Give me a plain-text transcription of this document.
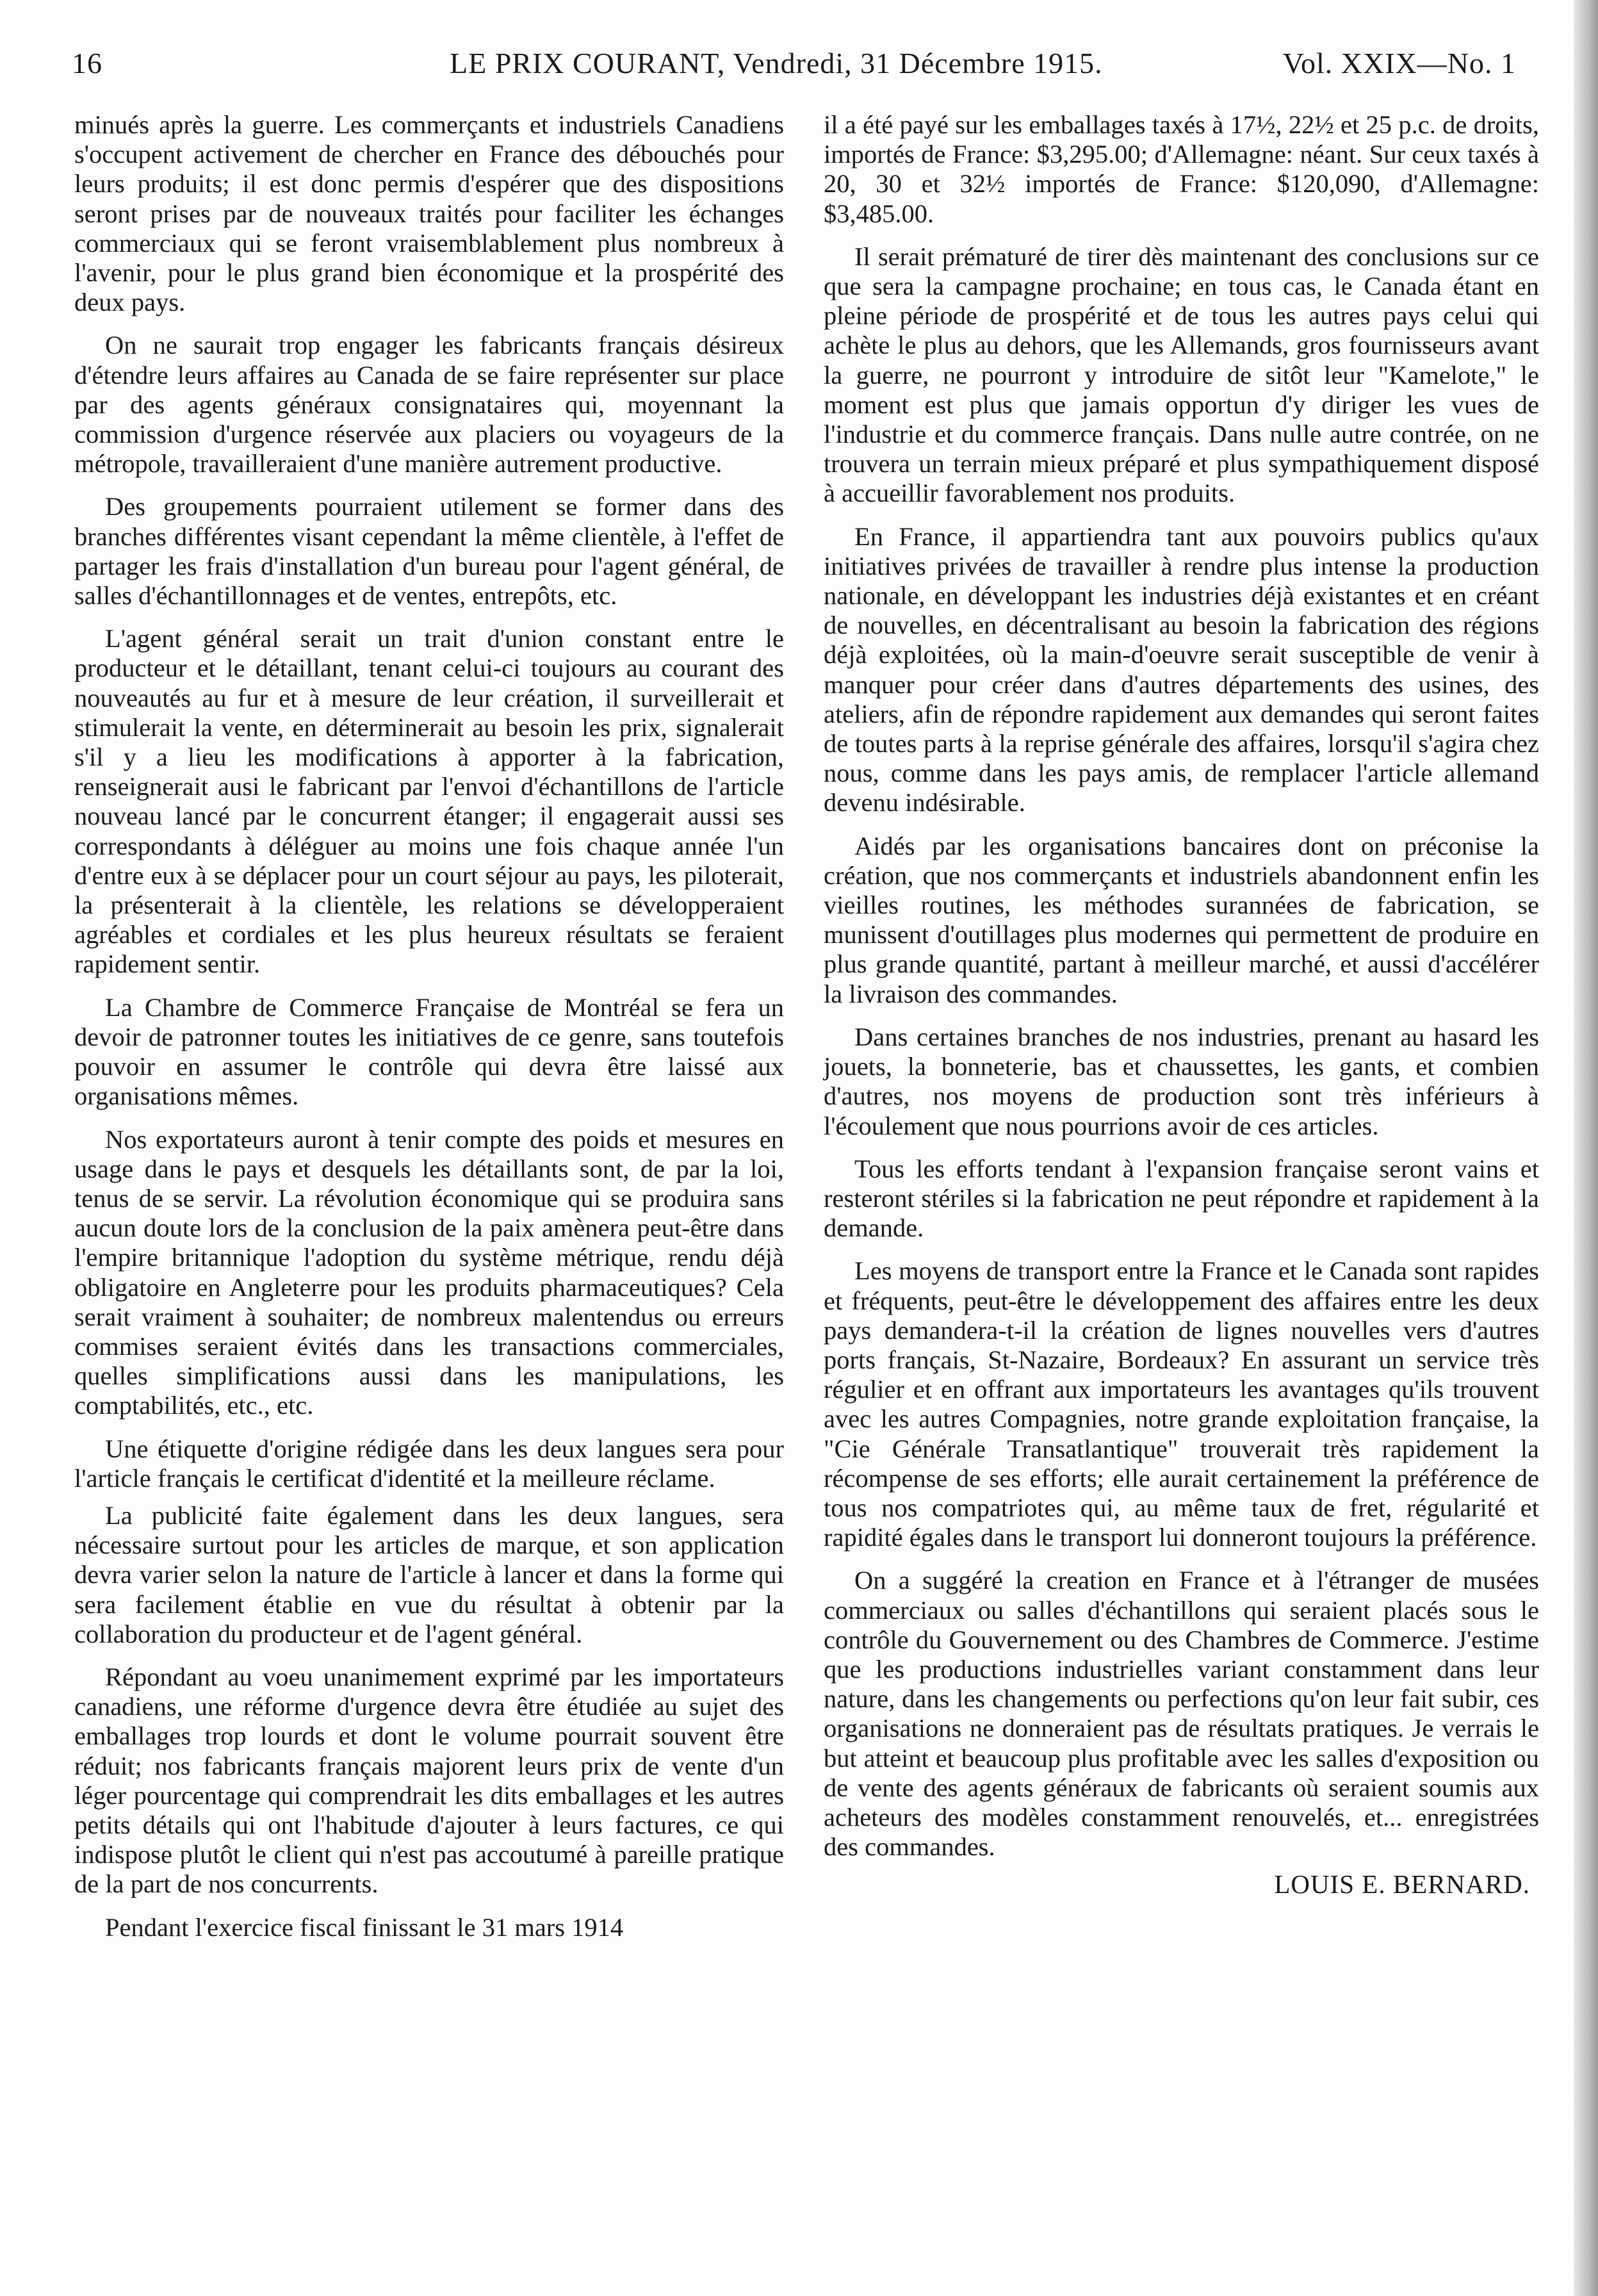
16	LE PRIX COURANT, Vendredi, 31 Décembre 1915.	Vol. XXIX—No. 1

minués après la guerre. Les commerçants et industriels Canadiens s'occupent activement de chercher en France des débouchés pour leurs produits; il est donc permis d'espérer que des dispositions seront prises par de nouveaux traités pour faciliter les échanges commerciaux qui se feront vraisemblablement plus nombreux à l'avenir, pour le plus grand bien économique et la prospérité des deux pays.

On ne saurait trop engager les fabricants français désireux d'étendre leurs affaires au Canada de se faire représenter sur place par des agents généraux consignataires qui, moyennant la commission d'urgence réservée aux placiers ou voyageurs de la métropole, travailleraient d'une manière autrement productive.

Des groupements pourraient utilement se former dans des branches différentes visant cependant la même clientèle, à l'effet de partager les frais d'installation d'un bureau pour l'agent général, de salles d'échantillonnages et de ventes, entrepôts, etc.

L'agent général serait un trait d'union constant entre le producteur et le détaillant, tenant celui-ci toujours au courant des nouveautés au fur et à mesure de leur création, il surveillerait et stimulerait la vente, en déterminerait au besoin les prix, signalerait s'il y a lieu les modifications à apporter à la fabrication, renseignerait ausi le fabricant par l'envoi d'échantillons de l'article nouveau lancé par le concurrent étanger; il engagerait aussi ses correspondants à déléguer au moins une fois chaque année l'un d'entre eux à se déplacer pour un court séjour au pays, les piloterait, la présenterait à la clientèle, les relations se développeraient agréables et cordiales et les plus heureux résultats se feraient rapidement sentir.

La Chambre de Commerce Française de Montréal se fera un devoir de patronner toutes les initiatives de ce genre, sans toutefois pouvoir en assumer le contrôle qui devra être laissé aux organisations mêmes.

Nos exportateurs auront à tenir compte des poids et mesures en usage dans le pays et desquels les détaillants sont, de par la loi, tenus de se servir. La révolution économique qui se produira sans aucun doute lors de la conclusion de la paix amènera peut-être dans l'empire britannique l'adoption du système métrique, rendu déjà obligatoire en Angleterre pour les produits pharmaceutiques? Cela serait vraiment à souhaiter; de nombreux malentendus ou erreurs commises seraient évités dans les transactions commerciales, quelles simplifications aussi dans les manipulations, les comptabilités, etc., etc.

Une étiquette d'origine rédigée dans les deux langues sera pour l'article français le certificat d'identité et la meilleure réclame.

La publicité faite également dans les deux langues, sera nécessaire surtout pour les articles de marque, et son application devra varier selon la nature de l'article à lancer et dans la forme qui sera facilement établie en vue du résultat à obtenir par la collaboration du producteur et de l'agent général.

Répondant au voeu unanimement exprimé par les importateurs canadiens, une réforme d'urgence devra être étudiée au sujet des emballages trop lourds et dont le volume pourrait souvent être réduit; nos fabricants français majorent leurs prix de vente d'un léger pourcentage qui comprendrait les dits emballages et les autres petits détails qui ont l'habitude d'ajouter à leurs factures, ce qui indispose plutôt le client qui n'est pas accoutumé à pareille pratique de la part de nos concurrents.

Pendant l'exercice fiscal finissant le 31 mars 1914

il a été payé sur les emballages taxés à 17½, 22½ et 25 p.c. de droits, importés de France: $3,295.00; d'Allemagne: néant. Sur ceux taxés à 20, 30 et 32½ importés de France: $120,090, d'Allemagne: $3,485.00.

Il serait prématuré de tirer dès maintenant des conclusions sur ce que sera la campagne prochaine; en tous cas, le Canada étant en pleine période de prospérité et de tous les autres pays celui qui achète le plus au dehors, que les Allemands, gros fournisseurs avant la guerre, ne pourront y introduire de sitôt leur "Kamelote," le moment est plus que jamais opportun d'y diriger les vues de l'industrie et du commerce français. Dans nulle autre contrée, on ne trouvera un terrain mieux préparé et plus sympathiquement disposé à accueillir favorablement nos produits.

En France, il appartiendra tant aux pouvoirs publics qu'aux initiatives privées de travailler à rendre plus intense la production nationale, en développant les industries déjà existantes et en créant de nouvelles, en décentralisant au besoin la fabrication des régions déjà exploitées, où la main-d'oeuvre serait susceptible de venir à manquer pour créer dans d'autres départements des usines, des ateliers, afin de répondre rapidement aux demandes qui seront faites de toutes parts à la reprise générale des affaires, lorsqu'il s'agira chez nous, comme dans les pays amis, de remplacer l'article allemand devenu indésirable.

Aidés par les organisations bancaires dont on préconise la création, que nos commerçants et industriels abandonnent enfin les vieilles routines, les méthodes surannées de fabrication, se munissent d'outillages plus modernes qui permettent de produire en plus grande quantité, partant à meilleur marché, et aussi d'accélérer la livraison des commandes.

Dans certaines branches de nos industries, prenant au hasard les jouets, la bonneterie, bas et chaussettes, les gants, et combien d'autres, nos moyens de production sont très inférieurs à l'écoulement que nous pourrions avoir de ces articles.

Tous les efforts tendant à l'expansion française seront vains et resteront stériles si la fabrication ne peut répondre et rapidement à la demande.

Les moyens de transport entre la France et le Canada sont rapides et fréquents, peut-être le développement des affaires entre les deux pays demandera-t-il la création de lignes nouvelles vers d'autres ports français, St-Nazaire, Bordeaux? En assurant un service très régulier et en offrant aux importateurs les avantages qu'ils trouvent avec les autres Compagnies, notre grande exploitation française, la "Cie Générale Transatlantique" trouverait très rapidement la récompense de ses efforts; elle aurait certainement la préférence de tous nos compatriotes qui, au même taux de fret, régularité et rapidité égales dans le transport lui donneront toujours la préférence.

On a suggéré la creation en France et à l'étranger de musées commerciaux ou salles d'échantillons qui seraient placés sous le contrôle du Gouvernement ou des Chambres de Commerce. J'estime que les productions industrielles variant constamment dans leur nature, dans les changements ou perfections qu'on leur fait subir, ces organisations ne donneraient pas de résultats pratiques. Je verrais le but atteint et beaucoup plus profitable avec les salles d'exposition ou de vente des agents généraux de fabricants où seraient soumis aux acheteurs des modèles constamment renouvelés, et... enregistrées des commandes.

LOUIS E. BERNARD.
